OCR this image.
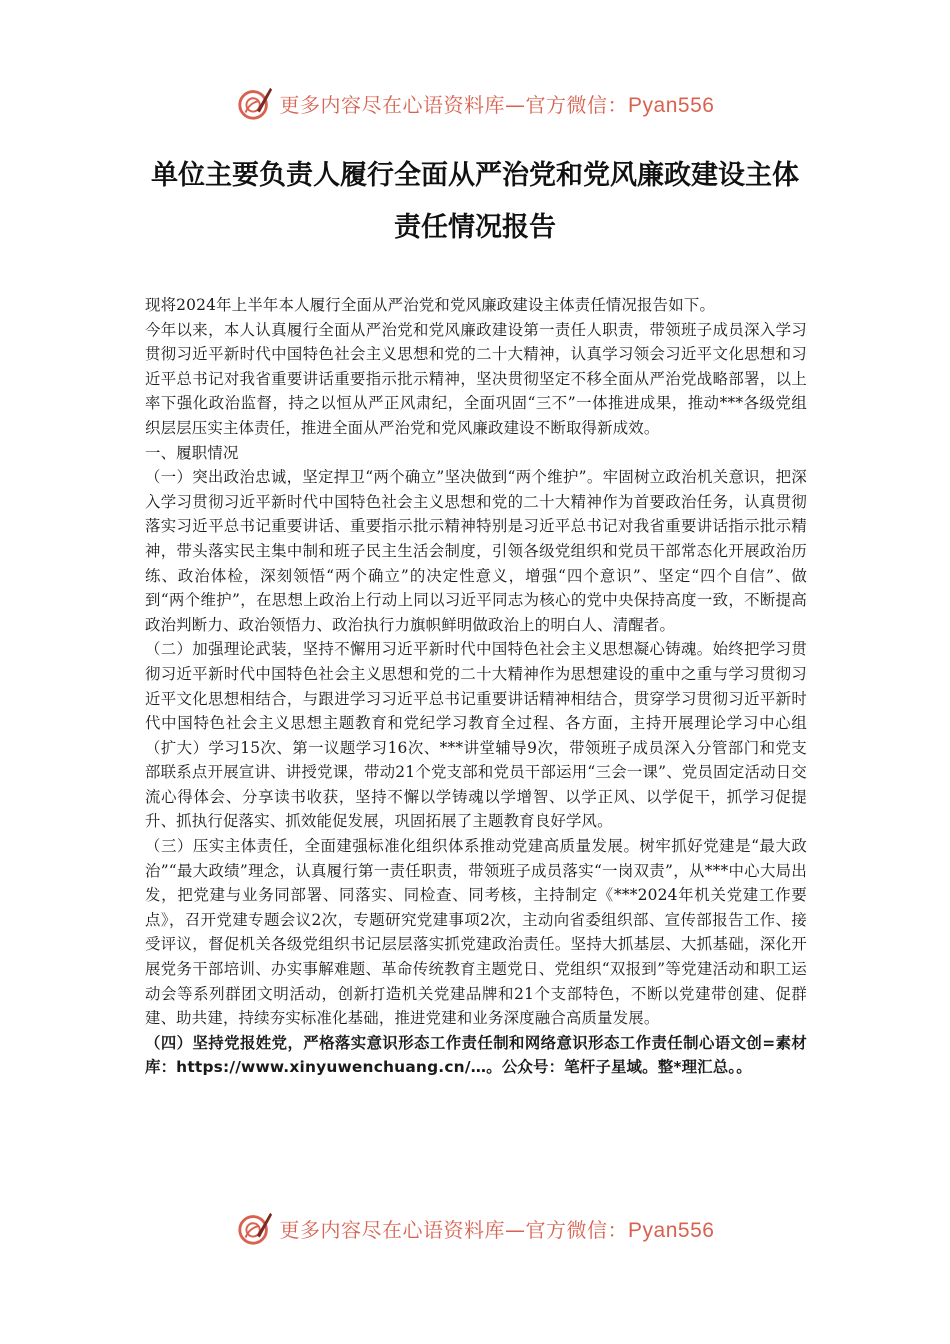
更多内容尽在心语资料库—官方微信：Pyan556
单位主要负责人履行全面从严治党和党风廉政建设主体责任情况报告

现将2024年上半年本人履行全面从严治党和党风廉政建设主体责任情况报告如下。

今年以来，本人认真履行全面从严治党和党风廉政建设第一责任人职责，带领班子成员深入学习贯彻习近平新时代中国特色社会主义思想和党的二十大精神，认真学习领会习近平文化思想和习近平总书记对我省重要讲话重要指示批示精神，坚决贯彻坚定不移全面从严治党战略部署，以上率下强化政治监督，持之以恒从严正风肃纪，全面巩固“三不”一体推进成果，推动***各级党组织层层压实主体责任，推进全面从严治党和党风廉政建设不断取得新成效。

一、履职情况

（一）突出政治忠诚，坚定捍卫“两个确立”坚决做到“两个维护”。牢固树立政治机关意识，把深入学习贯彻习近平新时代中国特色社会主义思想和党的二十大精神作为首要政治任务，认真贯彻落实习近平总书记重要讲话、重要指示批示精神特别是习近平总书记对我省重要讲话指示批示精神，带头落实民主集中制和班子民主生活会制度，引领各级党组织和党员干部常态化开展政治历练、政治体检，深刻领悟“两个确立”的决定性意义，增强“四个意识”、坚定“四个自信”、做到“两个维护”，在思想上政治上行动上同以习近平同志为核心的党中央保持高度一致，不断提高政治判断力、政治领悟力、政治执行力旗帜鲜明做政治上的明白人、清醒者。

（二）加强理论武装，坚持不懈用习近平新时代中国特色社会主义思想凝心铸魂。始终把学习贯彻习近平新时代中国特色社会主义思想和党的二十大精神作为思想建设的重中之重与学习贯彻习近平文化思想相结合，与跟进学习习近平总书记重要讲话精神相结合，贯穿学习贯彻习近平新时代中国特色社会主义思想主题教育和党纪学习教育全过程、各方面，主持开展理论学习中心组（扩大）学习15次、第一议题学习16次、***讲堂辅导9次，带领班子成员深入分管部门和党支部联系点开展宣讲、讲授党课，带动21个党支部和党员干部运用“三会一课”、党员固定活动日交流心得体会、分享读书收获，坚持不懈以学铸魂以学增智、以学正风、以学促干，抓学习促提升、抓执行促落实、抓效能促发展，巩固拓展了主题教育良好学风。

（三）压实主体责任，全面建强标准化组织体系推动党建高质量发展。树牢抓好党建是“最大政治”“最大政绩”理念，认真履行第一责任职责，带领班子成员落实“一岗双责”，从***中心大局出发，把党建与业务同部署、同落实、同检查、同考核，主持制定《***2024年机关党建工作要点》，召开党建专题会议2次，专题研究党建事项2次，主动向省委组织部、宣传部报告工作、接受评议，督促机关各级党组织书记层层落实抓党建政治责任。坚持大抓基层、大抓基础，深化开展党务干部培训、办实事解难题、革命传统教育主题党日、党组织“双报到”等党建活动和职工运动会等系列群团文明活动，创新打造机关党建品牌和21个支部特色，不断以党建带创建、促群建、助共建，持续夯实标准化基础，推进党建和业务深度融合高质量发展。

（四）坚持党报姓党，严格落实意识形态工作责任制和网络意识形态工作责任制心语文创=素材库：https://www.xinyuwenchuang.cn/…。公众号：笔杆子星域。整*理汇总。。

更多内容尽在心语资料库—官方微信：Pyan556
